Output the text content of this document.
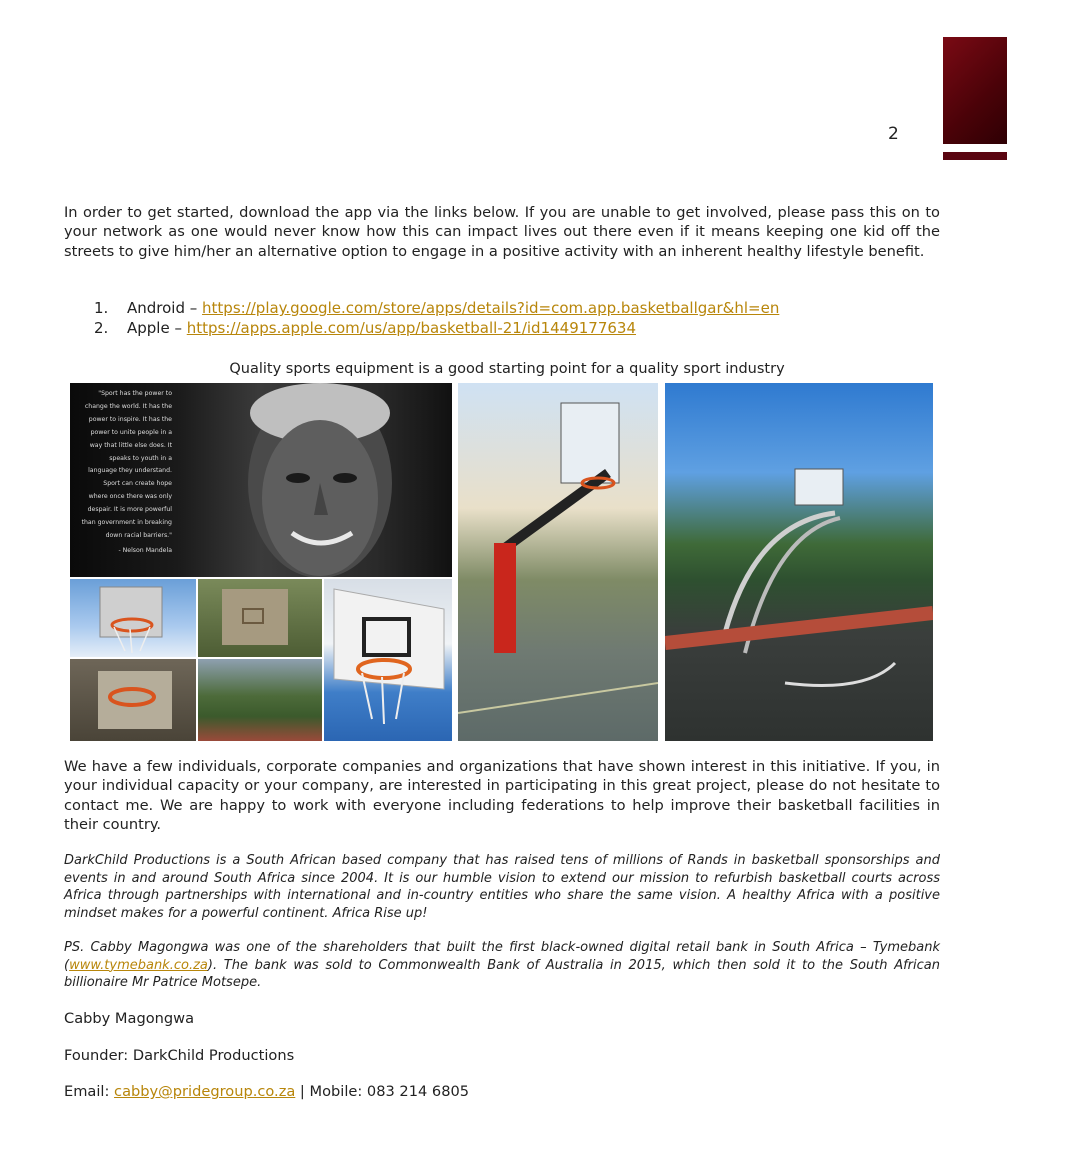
2
In order to get started, download the app via the links below. If you are unable to get involved, please pass this on to your network as one would never know how this can impact lives out there even if it means keeping one kid off the streets to give him/her an alternative option to engage in a positive activity with an inherent healthy lifestyle benefit.
1. Android – https://play.google.com/store/apps/details?id=com.app.basketballgar&hl=en
2. Apple – https://apps.apple.com/us/app/basketball-21/id1449177634
Quality sports equipment is a good starting point for a quality sport industry
"Sport has the power to
change the world. It has the
power to inspire. It has the
power to unite people in a
way that little else does. It
speaks to youth in a
language they understand.
Sport can create hope
where once there was only
despair. It is more powerful
than government in breaking
down racial barriers."
- Nelson Mandela
We have a few individuals, corporate companies and organizations that have shown interest in this initiative. If you, in your individual capacity or your company, are interested in participating in this great project, please do not hesitate to contact me. We are happy to work with everyone including federations to help improve their basketball facilities in their country.
DarkChild Productions is a South African based company that has raised tens of millions of Rands in basketball sponsorships and events in and around South Africa since 2004. It is our humble vision to extend our mission to refurbish basketball courts across Africa through partnerships with international and in-country entities who share the same vision. A healthy Africa with a positive mindset makes for a powerful continent. Africa Rise up!
PS. Cabby Magongwa was one of the shareholders that built the first black-owned digital retail bank in South Africa – Tymebank (www.tymebank.co.za). The bank was sold to Commonwealth Bank of Australia in 2015, which then sold it to the South African billionaire Mr Patrice Motsepe.
Cabby Magongwa
Founder: DarkChild Productions
Email: cabby@pridegroup.co.za | Mobile: 083 214 6805
